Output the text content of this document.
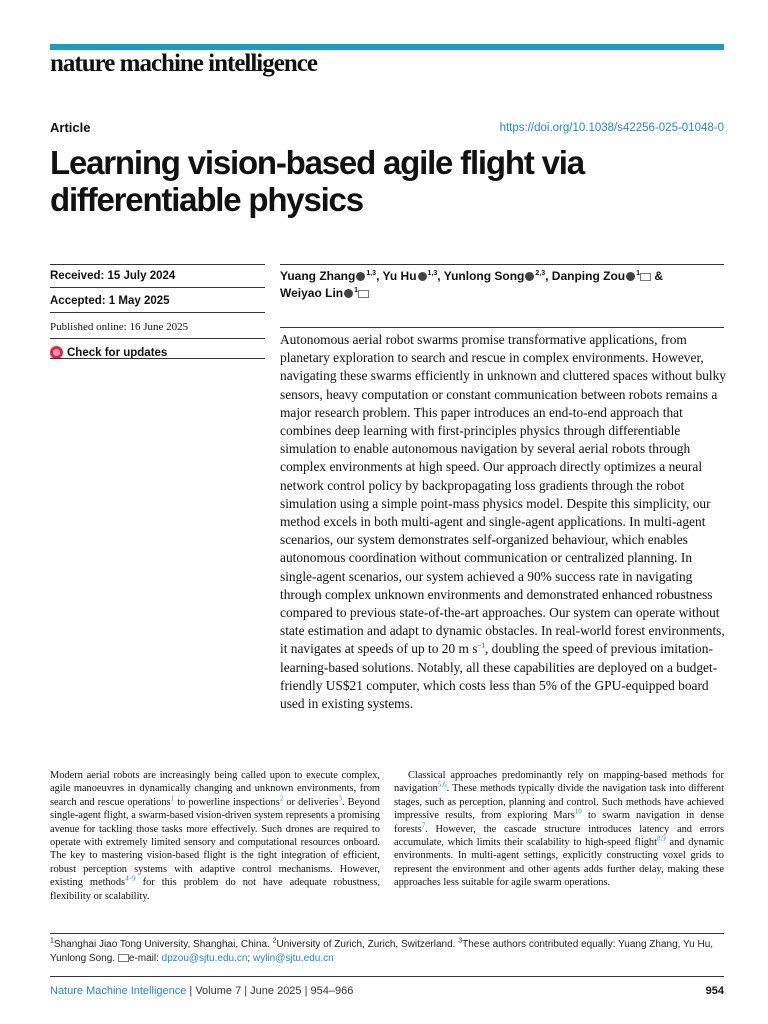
nature machine intelligence
Article	https://doi.org/10.1038/s42256-025-01048-0
Learning vision-based agile flight via differentiable physics
Received: 15 July 2024
Accepted: 1 May 2025
Published online: 16 June 2025
Check for updates
Yuang Zhang $^{1,3}$, Yu Hu $^{1,3}$, Yunlong Song $^{2,3}$, Danping Zou $^1$ &
Weiyao Lin $^1$
Autonomous aerial robot swarms promise transformative applications, from planetary exploration to search and rescue in complex environments. However, navigating these swarms efficiently in unknown and cluttered spaces without bulky sensors, heavy computation or constant communication between robots remains a major research problem. This paper introduces an end-to-end approach that combines deep learning with first-principles physics through differentiable simulation to enable autonomous navigation by several aerial robots through complex environments at high speed. Our approach directly optimizes a neural network control policy by backpropagating loss gradients through the robot simulation using a simple point-mass physics model. Despite this simplicity, our method excels in both multi-agent and single-agent applications. In multi-agent scenarios, our system demonstrates self-organized behaviour, which enables autonomous coordination without communication or centralized planning. In single-agent scenarios, our system achieved a 90% success rate in navigating through complex unknown environments and demonstrated enhanced robustness compared to previous state-of-the-art approaches. Our system can operate without state estimation and adapt to dynamic obstacles. In real-world forest environments, it navigates at speeds of up to 20 m $s^{-1}$, doubling the speed of previous imitation-learning-based solutions. Notably, all these capabilities are deployed on a budget-friendly US$21 computer, which costs less than 5% of the GPU-equipped board used in existing systems.

Modern aerial robots are increasingly being called upon to execute complex, agile manoeuvres in dynamically changing and unknown environments, from search and rescue operations$^1$ to powerline inspections$^2$ or deliveries$^3$. Beyond single-agent flight, a swarm-based vision-driven system represents a promising avenue for tackling those tasks more effectively. Such drones are required to operate with extremely limited sensory and computational resources onboard. The key to mastering vision-based flight is the tight integration of efficient, robust perception systems with adaptive control mechanisms. However, existing methods$^{4-9}$ for this problem do not have adequate robustness, flexibility or scalability.

Classical approaches predominantly rely on mapping-based methods for navigation$^{5,6}$. These methods typically divide the navigation task into different stages, such as perception, planning and control. Such methods have achieved impressive results, from exploring Mars$^{10}$ to swarm navigation in dense forests$^7$. However, the cascade structure introduces latency and errors accumulate, which limits their scalability to high-speed flight$^{8,9}$ and dynamic environments. In multi-agent settings, explicitly constructing voxel grids to represent the environment and other agents adds further delay, making these approaches less suitable for agile swarm operations.

$^1$Shanghai Jiao Tong University, Shanghai, China. $^2$University of Zurich, Zurich, Switzerland. $^3$These authors contributed equally: Yuang Zhang, Yu Hu, Yunlong Song. e-mail: dpzou@sjtu.edu.cn; wylin@sjtu.edu.cn
Nature Machine Intelligence | Volume 7 | June 2025 | 954–966	954
